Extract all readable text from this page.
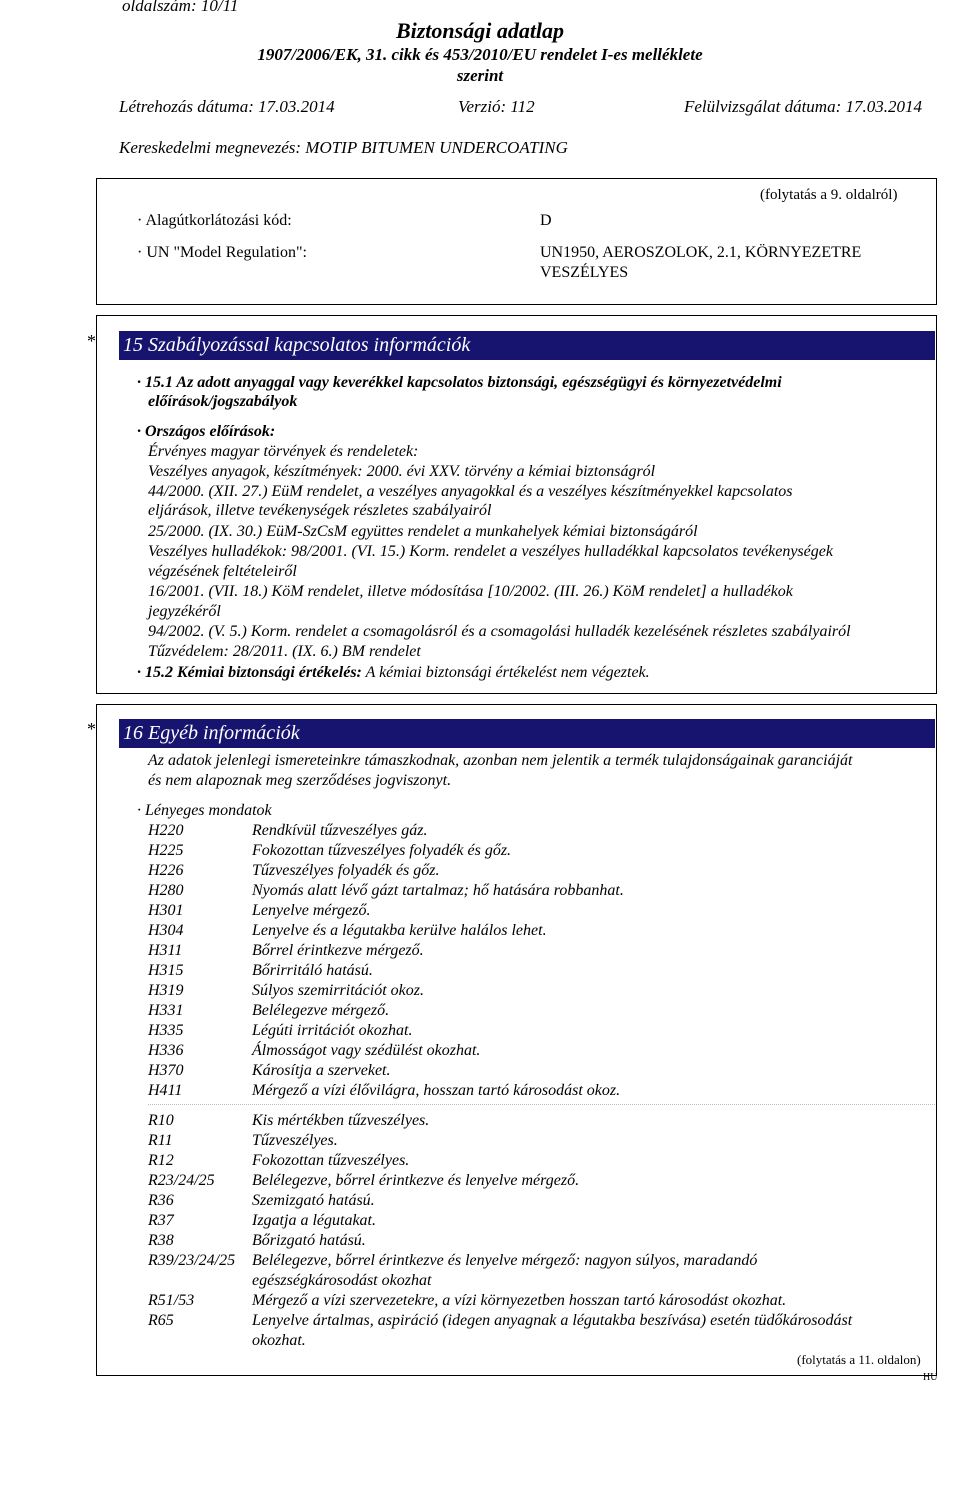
oldalszám: 10/11
Biztonsági adatlap
1907/2006/EK, 31. cikk és 453/2010/EU rendelet I-es melléklete
szerint
Létrehozás dátuma: 17.03.2014	Verzió: 112	Felülvizsgálat dátuma: 17.03.2014
Kereskedelmi megnevezés: MOTIP BITUMEN UNDERCOATING
(folytatás a 9. oldalról)
· Alagútkorlátozási kód:	D
· UN "Model Regulation":	UN1950, AEROSZOLOK, 2.1, KÖRNYEZETRE
VESZÉLYES
* 15 Szabályozással kapcsolatos információk
· 15.1 Az adott anyaggal vagy keverékkel kapcsolatos biztonsági, egészségügyi és környezetvédelmi
előírások/jogszabályok
· Országos előírások:
Érvényes magyar törvények és rendeletek:
Veszélyes anyagok, készítmények: 2000. évi XXV. törvény a kémiai biztonságról
44/2000. (XII. 27.) EüM rendelet, a veszélyes anyagokkal és a veszélyes készítményekkel kapcsolatos
eljárások, illetve tevékenységek részletes szabályairól
25/2000. (IX. 30.) EüM-SzCsM együttes rendelet a munkahelyek kémiai biztonságáról
Veszélyes hulladékok: 98/2001. (VI. 15.) Korm. rendelet a veszélyes hulladékkal kapcsolatos tevékenységek
végzésének feltételeiről
16/2001. (VII. 18.) KöM rendelet, illetve módosítása [10/2002. (III. 26.) KöM rendelet] a hulladékok
jegyzékéről
94/2002. (V. 5.) Korm. rendelet a csomagolásról és a csomagolási hulladék kezelésének részletes szabályairól
Tűzvédelem: 28/2011. (IX. 6.) BM rendelet
· 15.2 Kémiai biztonsági értékelés: A kémiai biztonsági értékelést nem végeztek.
* 16 Egyéb információk
Az adatok jelenlegi ismereteinkre támaszkodnak, azonban nem jelentik a termék tulajdonságainak garanciáját
és nem alapoznak meg szerződéses jogviszonyt.
· Lényeges mondatok
H220	Rendkívül tűzveszélyes gáz.
H225	Fokozottan tűzveszélyes folyadék és gőz.
H226	Tűzveszélyes folyadék és gőz.
H280	Nyomás alatt lévő gázt tartalmaz; hő hatására robbanhat.
H301	Lenyelve mérgező.
H304	Lenyelve és a légutakba kerülve halálos lehet.
H311	Bőrrel érintkezve mérgező.
H315	Bőrirritáló hatású.
H319	Súlyos szemirritációt okoz.
H331	Belélegezve mérgező.
H335	Légúti irritációt okozhat.
H336	Álmosságot vagy szédülést okozhat.
H370	Károsítja a szerveket.
H411	Mérgező a vízi élővilágra, hosszan tartó károsodást okoz.
R10	Kis mértékben tűzveszélyes.
R11	Tűzveszélyes.
R12	Fokozottan tűzveszélyes.
R23/24/25 Belélegezve, bőrrel érintkezve és lenyelve mérgező.
R36	Szemizgató hatású.
R37	Izgatja a légutakat.
R38	Bőrizgató hatású.
R39/23/24/25 Belélegezve, bőrrel érintkezve és lenyelve mérgező: nagyon súlyos, maradandó
egészségkárosodást okozhat
R51/53	Mérgező a vízi szervezetekre, a vízi környezetben hosszan tartó károsodást okozhat.
R65	Lenyelve ártalmas, aspiráció (idegen anyagnak a légutakba beszívása) esetén tüdőkárosodást
okozhat.
(folytatás a 11. oldalon)
HU
